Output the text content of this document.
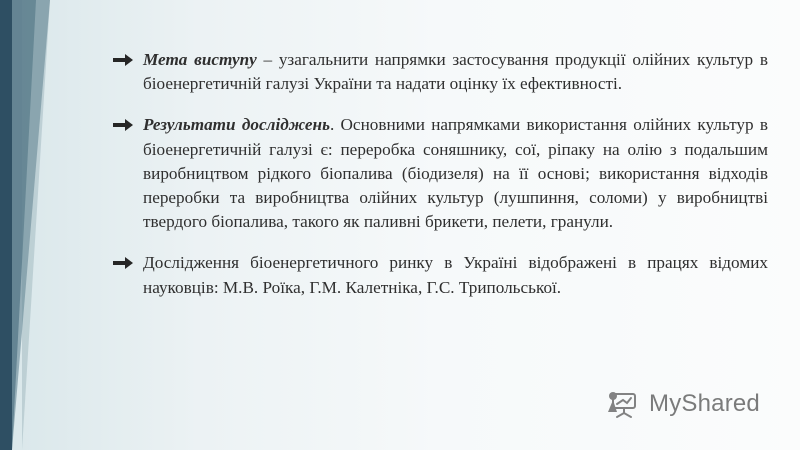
Мета виступу – узагальнити напрямки застосування продукції олійних культур в біоенергетичній галузі України та надати оцінку їх ефективності.
Результати досліджень. Основними напрямками використання олійних культур в біоенергетичній галузі є: переробка соняшнику, сої, ріпаку на олію з подальшим виробництвом рідкого біопалива (біодизеля) на її основі; використання відходів переробки та виробництва олійних культур (лушпиння, соломи) у виробництві твердого біопалива, такого як паливні брикети, пелети, гранули.
Дослідження біоенергетичного ринку в Україні відображені в працях відомих науковців: М.В. Роїка, Г.М. Калетніка, Г.С. Трипольської.
MyShared
